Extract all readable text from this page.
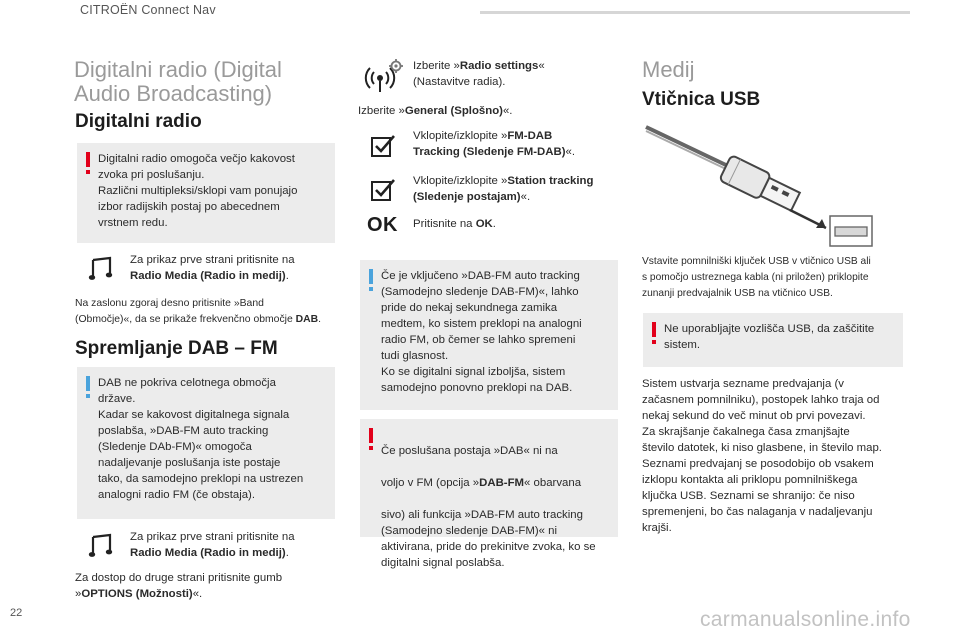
CITROËN Connect Nav
Digitalni radio (Digital
Audio Broadcasting)
Digitalni radio
Digitalni radio omogoča večjo kakovost
zvoka pri poslušanju.
Različni multipleksi/sklopi vam ponujajo
izbor radijskih postaj po abecednem
vrstnem redu.
Za prikaz prve strani pritisnite na
Radio Media (Radio in medij).
Na zaslonu zgoraj desno pritisnite »Band
(Območje)«, da se prikaže frekvenčno območje DAB.
Spremljanje DAB – FM
DAB ne pokriva celotnega območja
države.
Kadar se kakovost digitalnega signala
poslabša, »DAB-FM auto tracking
(Sledenje DAb-FM)« omogoča
nadaljevanje poslušanja iste postaje
tako, da samodejno preklopi na ustrezen
analogni radio FM (če obstaja).
Za prikaz prve strani pritisnite na
Radio Media (Radio in medij).
Za dostop do druge strani pritisnite gumb
»OPTIONS (Možnosti)«.
Izberite »Radio settings«
(Nastavitve radia).
Izberite »General (Splošno)«.
Vklopite/izklopite »FM-DAB
Tracking (Sledenje FM-DAB)«.
Vklopite/izklopite »Station tracking
(Sledenje postajam)«.
OK Pritisnite na OK.
Če je vključeno »DAB-FM auto tracking
(Samodejno sledenje DAB-FM)«, lahko
pride do nekaj sekundnega zamika
medtem, ko sistem preklopi na analogni
radio FM, ob čemer se lahko spremeni
tudi glasnost.
Ko se digitalni signal izboljša, sistem
samodejno ponovno preklopi na DAB.

Če poslušana postaja »DAB« ni na

voljo v FM (opcija »DAB-FM« obarvana

sivo) ali funkcija »DAB-FM auto tracking
(Samodejno sledenje DAB-FM)« ni
aktivirana, pride do prekinitve zvoka, ko se
digitalni signal poslabša.

Medij
Vtičnica USB
Vstavite pomnilniški ključek USB v vtičnico USB ali
s pomočjo ustreznega kabla (ni priložen) priklopite
zunanji predvajalnik USB na vtičnico USB.
Ne uporabljajte vozlišča USB, da zaščitite
sistem.
Sistem ustvarja sezname predvajanja (v
začasnem pomnilniku), postopek lahko traja od
nekaj sekund do več minut ob prvi povezavi.
Za skrajšanje čakalnega časa zmanjšajte
število datotek, ki niso glasbene, in število map.
Seznami predvajanj se posodobijo ob vsakem
izklopu kontakta ali priklopu pomnilniškega
ključka USB. Seznami se shranijo: če niso
spremenjeni, bo čas nalaganja v nadaljevanju
krajši.
22	carmanualsonline.info
